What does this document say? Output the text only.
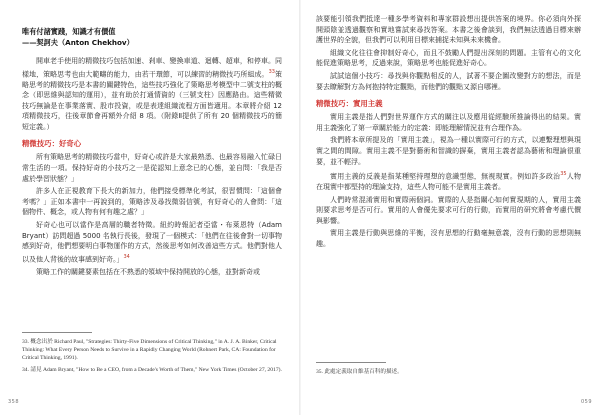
唯有付諸實踐，知識才有價值
——契訶夫（Anton Chekhov）

開車老手使用的精微技巧包括加速、剎車、變換車道、迴轉、超車，和停車。同樣地，策略思考也由大範疇的能力，由若干環節，可以練習的精微技巧所組成。$^{33}$策略思考的精微技巧是本書的關鍵特色，這些技巧強化了策略思考模型中二號支柱的概念（即思維與認知的運用），並有助於打通情資的（三號支柱）因應路由。這些精微技巧無論是在事業落實、股市投資，或是表達組織流程方面皆適用。本章將介紹 12 項精微技巧，往後章節會再額外介紹 8 項。（附錄Ⅱ提供了所有 20 個精微技巧的簡短定義。）

精微技巧：好奇心

所有策略思考的精微技巧當中，好奇心或許是大家最熟悉、也最容易融入忙碌日常生活的一項。保持好奇的小技巧之一是從認知上意念已的心態，並自問：「我是否處於學習狀態？」

許多人在正視教育下長大的新加力，他們接受標準化考試，很習慣問：「這個會考嗎？」正如本書中一再說到的，策略涉及尋找微弱信號，有好奇心的人會問：「這個物件、概念，或人物有何有趣之處？」

好奇心也可以當作是高層的職者特徵。紐約時報記者亞當・布萊恩特（Adam Bryant）訪問超過 5000 名執行長後，發現了一個模式：「他們在往後會對一切事物感到好奇，他們想要明白事物運作的方式，然後思考如何改善這些方式。他們對他人以及他人背後的故事感到好奇。」$^{34}$

策略工作的關鍵要素包括在不熟悉的領域中保持開放的心態，並對新奇或

33. 概念出於 Richard Paul, "Strategies: Thirty-Five Dimensions of Critical Thinking," in A. J. A. Binker, Critical Thinking: What Every Person Needs to Survive in a Rapidly Changing World (Rohnert Park, CA: Foundation for Critical Thinking, 1991).
34. 請見 Adam Bryant, "How to Be a CEO, from a Decade's Worth of Them," New York Times (October 27, 2017).

該要能引領我們抵達一種多學考資料和專家群設想出提供答案的境界。你必須向外探開頭陰並透過觀察和實地嘗試來尋找答案。本書之後會談到，我們無法透過目標來辦護世界的全貌，但我們可以利用目標來捕捉未知與未來機會。

組織文化往往會抑制好奇心，而且不鼓勵人們提出深刻的問題。主管有心的文化能促進策略思考，反過來說，策略思考也能促進好奇心。

試試這個小技巧：尋找與你觀點相反的人，試著不要企圖改變對方的想法，而是要去瞭解對方為何抱持特定觀點，而他們的觀點又源自哪裡。

精微技巧：實用主義

實用主義是指人們對世界運作方式的關注以及應用從經驗所推論得出的結果。實用主義強化了第一章關於能力的定義：即能理解情況並有合理作為。

我們將本章所提及的「實用主義」，視為一種以實際可行的方式，以連繫理想與現實之間的間隙。實用主義不是對藝術和智識的摒棄，實用主義者認為藝術和理論很重要，並不輕浮。

實用主義的反義是指某種堅持理想的意識型態，無視現實。例如許多政治$^{35}$人物在現實中都堅持的理論支持，這些人物可能不是實用主義者。

人們時常混淆實用和實際兩個詞。實際的人是指關心如何實現期的人，實用主義則要求思考是否可行。實用的人會優先要求可行的行動，而實用的研究將會考慮代價與影響。

實用主義是行動與思維的平衡，沒有思想的行動毫無意義，沒有行動的思想則無趣。

35. 此處定義取自維基百科的描述。
358	059
